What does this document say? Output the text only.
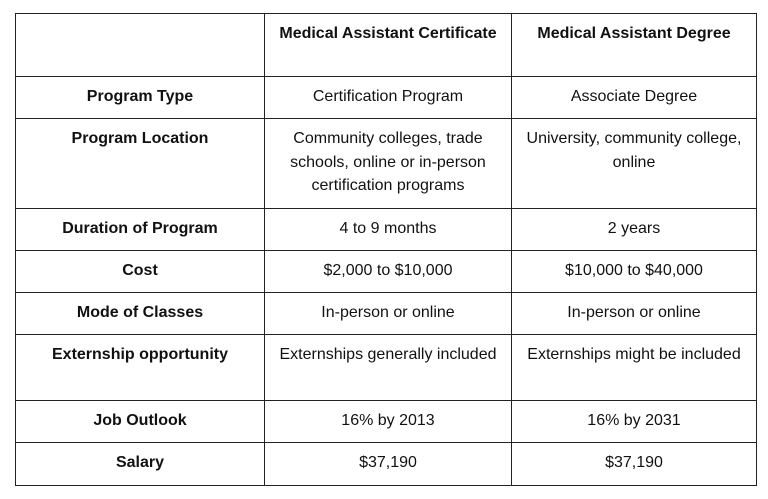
	Medical Assistant Certificate	Medical Assistant Degree
Program Type	Certification Program	Associate Degree
Program Location	Community colleges, trade schools, online or in-person certification programs	University, community college, online
Duration of Program	4 to 9 months	2 years
Cost	$2,000 to $10,000	$10,000 to $40,000
Mode of Classes	In-person or online	In-person or online
Externship opportunity	Externships generally included	Externships might be included
Job Outlook	16% by 2013	16% by 2031
Salary	$37,190	$37,190
